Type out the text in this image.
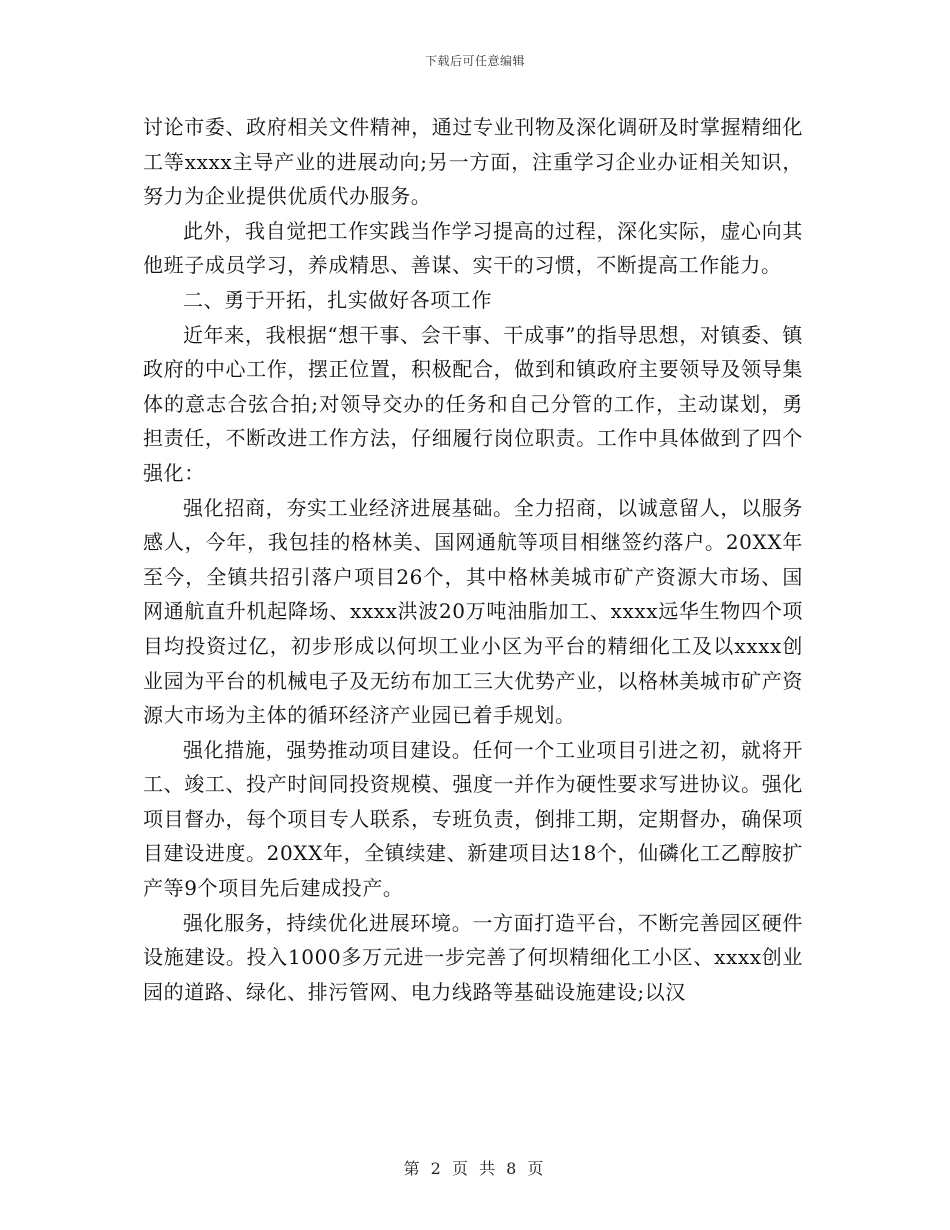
下载后可任意编辑

讨论市委、政府相关文件精神，通过专业刊物及深化调研及时掌握精细化工等xxxx主导产业的进展动向;另一方面，注重学习企业办证相关知识，努力为企业提供优质代办服务。

此外，我自觉把工作实践当作学习提高的过程，深化实际，虚心向其他班子成员学习，养成精思、善谋、实干的习惯，不断提高工作能力。

二、勇于开拓，扎实做好各项工作

近年来，我根据“想干事、会干事、干成事”的指导思想，对镇委、镇政府的中心工作，摆正位置，积极配合，做到和镇政府主要领导及领导集体的意志合弦合拍;对领导交办的任务和自己分管的工作，主动谋划，勇担责任，不断改进工作方法，仔细履行岗位职责。工作中具体做到了四个强化：

强化招商，夯实工业经济进展基础。全力招商，以诚意留人，以服务感人，今年，我包挂的格林美、国网通航等项目相继签约落户。20XX年至今，全镇共招引落户项目26个，其中格林美城市矿产资源大市场、国网通航直升机起降场、xxxx洪波20万吨油脂加工、xxxx远华生物四个项目均投资过亿，初步形成以何坝工业小区为平台的精细化工及以xxxx创业园为平台的机械电子及无纺布加工三大优势产业，以格林美城市矿产资源大市场为主体的循环经济产业园已着手规划。

强化措施，强势推动项目建设。任何一个工业项目引进之初，就将开工、竣工、投产时间同投资规模、强度一并作为硬性要求写进协议。强化项目督办，每个项目专人联系，专班负责，倒排工期，定期督办，确保项目建设进度。20XX年，全镇续建、新建项目达18个，仙磷化工乙醇胺扩产等9个项目先后建成投产。

强化服务，持续优化进展环境。一方面打造平台，不断完善园区硬件设施建设。投入1000多万元进一步完善了何坝精细化工小区、xxxx创业园的道路、绿化、排污管网、电力线路等基础设施建设;以汉

第 2 页 共 8 页
